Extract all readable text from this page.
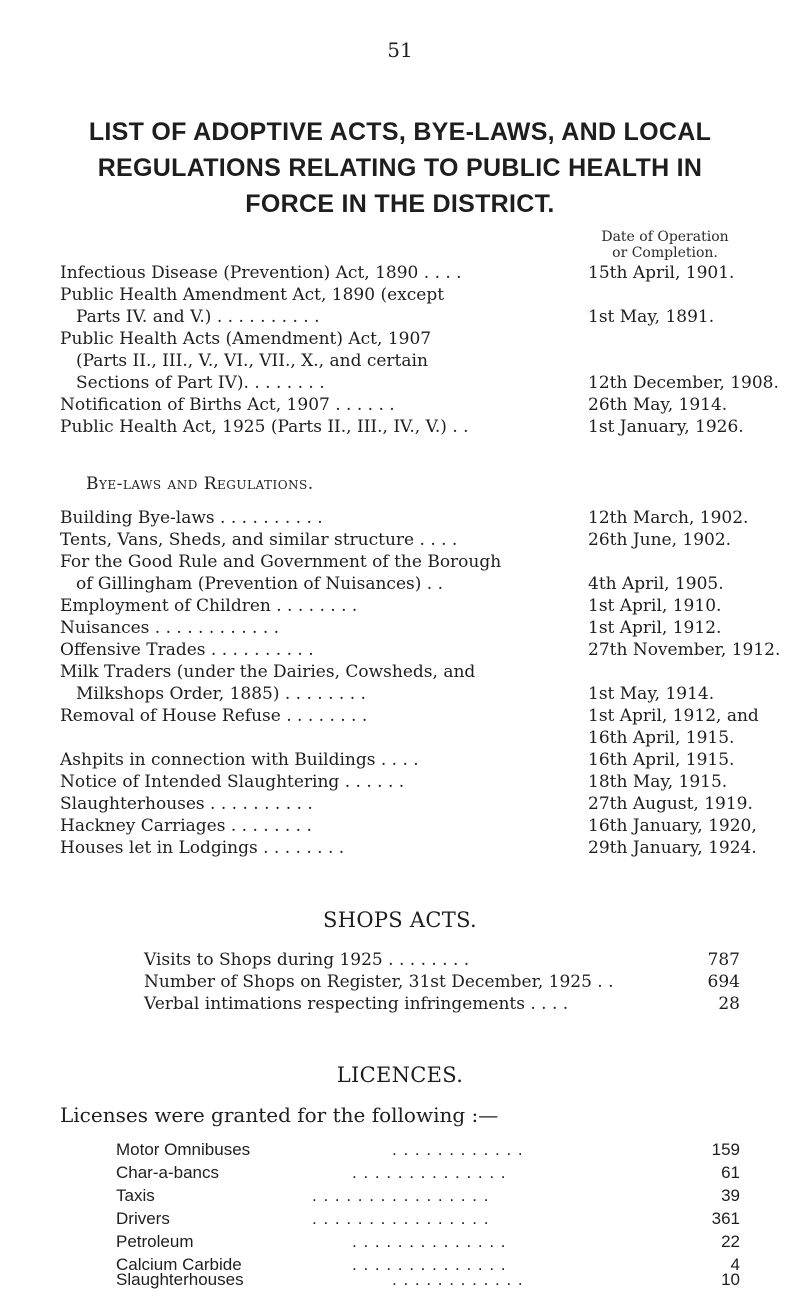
51
LIST OF ADOPTIVE ACTS, BYE-LAWS, AND LOCAL
REGULATIONS RELATING TO PUBLIC HEALTH IN
FORCE IN THE DISTRICT.
Date of Operation
or Completion.
Infectious Disease (Prevention) Act, 1890 . . . .	15th April, 1901.
Public Health Amendment Act, 1890 (except
Parts IV. and V.) . . . . . . . . . .	1st May, 1891.
Public Health Acts (Amendment) Act, 1907
(Parts II., III., V., VI., VII., X., and certain
Sections of Part IV). . . . . . . .	12th December, 1908.
Notification of Births Act, 1907 . . . . . .	26th May, 1914.
Public Health Act, 1925 (Parts II., III., IV., V.) . .	1st January, 1926.
Bye-laws and Regulations.
Building Bye-laws . . . . . . . . . .	12th March, 1902.
Tents, Vans, Sheds, and similar structure . . . .	26th June, 1902.
For the Good Rule and Government of the Borough
of Gillingham (Prevention of Nuisances) . .	4th April, 1905.
Employment of Children . . . . . . . .	1st April, 1910.
Nuisances . . . . . . . . . . . .	1st April, 1912.
Offensive Trades . . . . . . . . . .	27th November, 1912.
Milk Traders (under the Dairies, Cowsheds, and
Milkshops Order, 1885) . . . . . . . .	1st May, 1914.
Removal of House Refuse . . . . . . . .	1st April, 1912, and
16th April, 1915.
Ashpits in connection with Buildings . . . .	16th April, 1915.
Notice of Intended Slaughtering . . . . . .	18th May, 1915.
Slaughterhouses . . . . . . . . . .	27th August, 1919.
Hackney Carriages . . . . . . . .	16th January, 1920,
Houses let in Lodgings . . . . . . . .	29th January, 1924.
SHOPS ACTS.
Visits to Shops during 1925 . . . . . . . .	787
Number of Shops on Register, 31st December, 1925 . .	694
Verbal intimations respecting infringements . . . .	28
LICENCES.
Licenses were granted for the following :—
Motor Omnibuses	. . . . . . . . . . . .	159
Char-a-bancs	. . . . . . . . . . . . . .	61
Taxis	. . . . . . . . . . . . . . . .	39
Drivers	. . . . . . . . . . . . . . . .	361
Petroleum	. . . . . . . . . . . . . .	22
Calcium Carbide	. . . . . . . . . . . . . .	4
Slaughterhouses	. . . . . . . . . . . .	10
